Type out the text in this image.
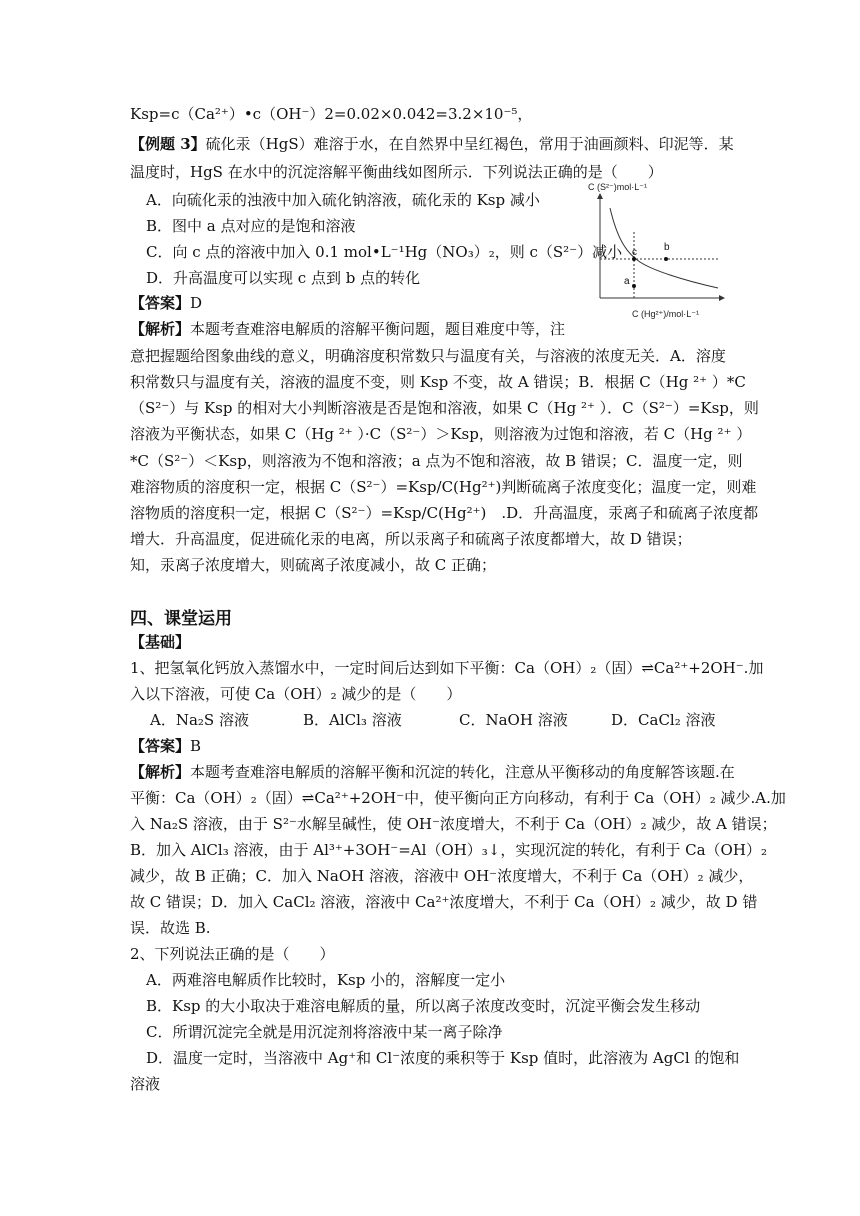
Ksp=c（Ca²⁺）•c（OH⁻）2=0.02×0.042=3.2×10⁻⁵，
【例题 3】硫化汞（HgS）难溶于水，在自然界中呈红褐色，常用于油画颜料、印泥等．某
温度时，HgS 在水中的沉淀溶解平衡曲线如图所示．下列说法正确的是（　　）
A．向硫化汞的浊液中加入硫化钠溶液，硫化汞的 Ksp 减小
B．图中 a 点对应的是饱和溶液
C．向 c 点的溶液中加入 0.1 mol•L⁻¹Hg（NO₃）₂，则 c（S²⁻）减小
D．升高温度可以实现 c 点到 b 点的转化
【答案】D
【解析】本题考查难溶电解质的溶解平衡问题，题目难度中等，注
意把握题给图象曲线的意义，明确溶度积常数只与温度有关，与溶液的浓度无关．A．溶度
积常数只与温度有关，溶液的温度不变，则 Ksp 不变，故 A 错误；B．根据 C（Hg ²⁺ ）*C
（S²⁻）与 Ksp 的相对大小判断溶液是否是饱和溶液，如果 C（Hg ²⁺ ）．C（S²⁻）=Ksp，则
溶液为平衡状态，如果 C（Hg ²⁺ ）·C（S²⁻）＞Ksp，则溶液为过饱和溶液，若 C（Hg ²⁺ ）
*C（S²⁻）＜Ksp，则溶液为不饱和溶液；a 点为不饱和溶液，故 B 错误；C．温度一定，则
难溶物质的溶度积一定，根据 C（S²⁻）=Ksp/C(Hg²⁺)判断硫离子浓度变化；温度一定，则难
溶物质的溶度积一定，根据 C（S²⁻）=Ksp/C(Hg²⁺)　.D．升高温度，汞离子和硫离子浓度都
增大．升高温度，促进硫化汞的电离，所以汞离子和硫离子浓度都增大，故 D 错误；
知，汞离子浓度增大，则硫离子浓度减小，故 C 正确；
四、课堂运用
【基础】
1、把氢氧化钙放入蒸馏水中，一定时间后达到如下平衡：Ca（OH）₂（固）⇌Ca²⁺+2OH⁻.加
入以下溶液，可使 Ca（OH）₂ 减少的是（　　）
A．Na₂S 溶液	B．AlCl₃ 溶液	C．NaOH 溶液	D．CaCl₂ 溶液
【答案】B
【解析】本题考查难溶电解质的溶解平衡和沉淀的转化，注意从平衡移动的角度解答该题.在
平衡：Ca（OH）₂（固）⇌Ca²⁺+2OH⁻中，使平衡向正方向移动，有利于 Ca（OH）₂ 减少.A.加
入 Na₂S 溶液，由于 S²⁻水解呈碱性，使 OH⁻浓度增大，不利于 Ca（OH）₂ 减少，故 A 错误；
B．加入 AlCl₃ 溶液，由于 Al³⁺+3OH⁻=Al（OH）₃↓，实现沉淀的转化，有利于 Ca（OH）₂
减少，故 B 正确；C．加入 NaOH 溶液，溶液中 OH⁻浓度增大，不利于 Ca（OH）₂ 减少，
故 C 错误；D．加入 CaCl₂ 溶液，溶液中 Ca²⁺浓度增大，不利于 Ca（OH）₂ 减少，故 D 错
误．故选 B.
2、下列说法正确的是（　　）
A．两难溶电解质作比较时，Ksp 小的，溶解度一定小
B．Ksp 的大小取决于难溶电解质的量，所以离子浓度改变时，沉淀平衡会发生移动
C．所谓沉淀完全就是用沉淀剂将溶液中某一离子除净
D．温度一定时，当溶液中 Ag⁺和 Cl⁻浓度的乘积等于 Ksp 值时，此溶液为 AgCl 的饱和
溶液
C (S²⁻)mol·L⁻¹
c	b
a
C (Hg²⁺)/mol·L⁻¹
